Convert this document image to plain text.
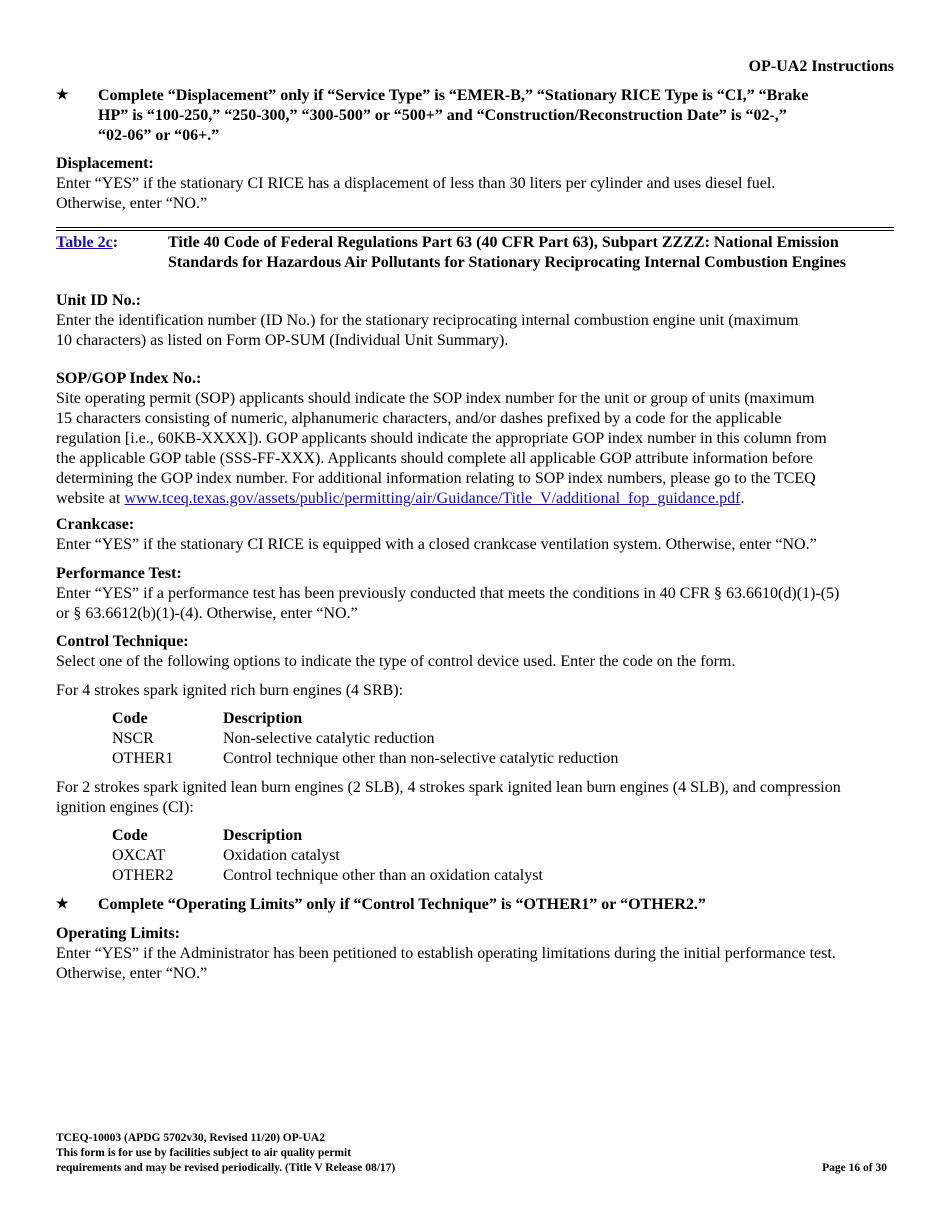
OP-UA2 Instructions
★	Complete “Displacement” only if “Service Type” is “EMER-B,” “Stationary RICE Type is “CI,” “Brake
HP” is “100-250,” “250-300,” “300-500” or “500+” and “Construction/Reconstruction Date” is “02-,”
“02-06” or “06+.”
Displacement:
Enter “YES” if the stationary CI RICE has a displacement of less than 30 liters per cylinder and uses diesel fuel.
Otherwise, enter “NO.”
Table 2c:	Title 40 Code of Federal Regulations Part 63 (40 CFR Part 63), Subpart ZZZZ: National Emission
Standards for Hazardous Air Pollutants for Stationary Reciprocating Internal Combustion Engines
Unit ID No.:
Enter the identification number (ID No.) for the stationary reciprocating internal combustion engine unit (maximum
10 characters) as listed on Form OP-SUM (Individual Unit Summary).
SOP/GOP Index No.:
Site operating permit (SOP) applicants should indicate the SOP index number for the unit or group of units (maximum
15 characters consisting of numeric, alphanumeric characters, and/or dashes prefixed by a code for the applicable
regulation [i.e., 60KB-XXXX]). GOP applicants should indicate the appropriate GOP index number in this column from
the applicable GOP table (SSS-FF-XXX). Applicants should complete all applicable GOP attribute information before
determining the GOP index number. For additional information relating to SOP index numbers, please go to the TCEQ
website at www.tceq.texas.gov/assets/public/permitting/air/Guidance/Title_V/additional_fop_guidance.pdf.
Crankcase:
Enter “YES” if the stationary CI RICE is equipped with a closed crankcase ventilation system. Otherwise, enter “NO.”
Performance Test:
Enter “YES” if a performance test has been previously conducted that meets the conditions in 40 CFR § 63.6610(d)(1)-(5)
or § 63.6612(b)(1)-(4). Otherwise, enter “NO.”
Control Technique:
Select one of the following options to indicate the type of control device used. Enter the code on the form.
For 4 strokes spark ignited rich burn engines (4 SRB):
Code	Description
NSCR	Non-selective catalytic reduction
OTHER1	Control technique other than non-selective catalytic reduction
For 2 strokes spark ignited lean burn engines (2 SLB), 4 strokes spark ignited lean burn engines (4 SLB), and compression
ignition engines (CI):
Code	Description
OXCAT	Oxidation catalyst
OTHER2	Control technique other than an oxidation catalyst
★	Complete “Operating Limits” only if “Control Technique” is “OTHER1” or “OTHER2.”
Operating Limits:
Enter “YES” if the Administrator has been petitioned to establish operating limitations during the initial performance test.
Otherwise, enter “NO.”
TCEQ-10003 (APDG 5702v30, Revised 11/20) OP-UA2
This form is for use by facilities subject to air quality permit
requirements and may be revised periodically. (Title V Release 08/17)	Page 16 of 30
